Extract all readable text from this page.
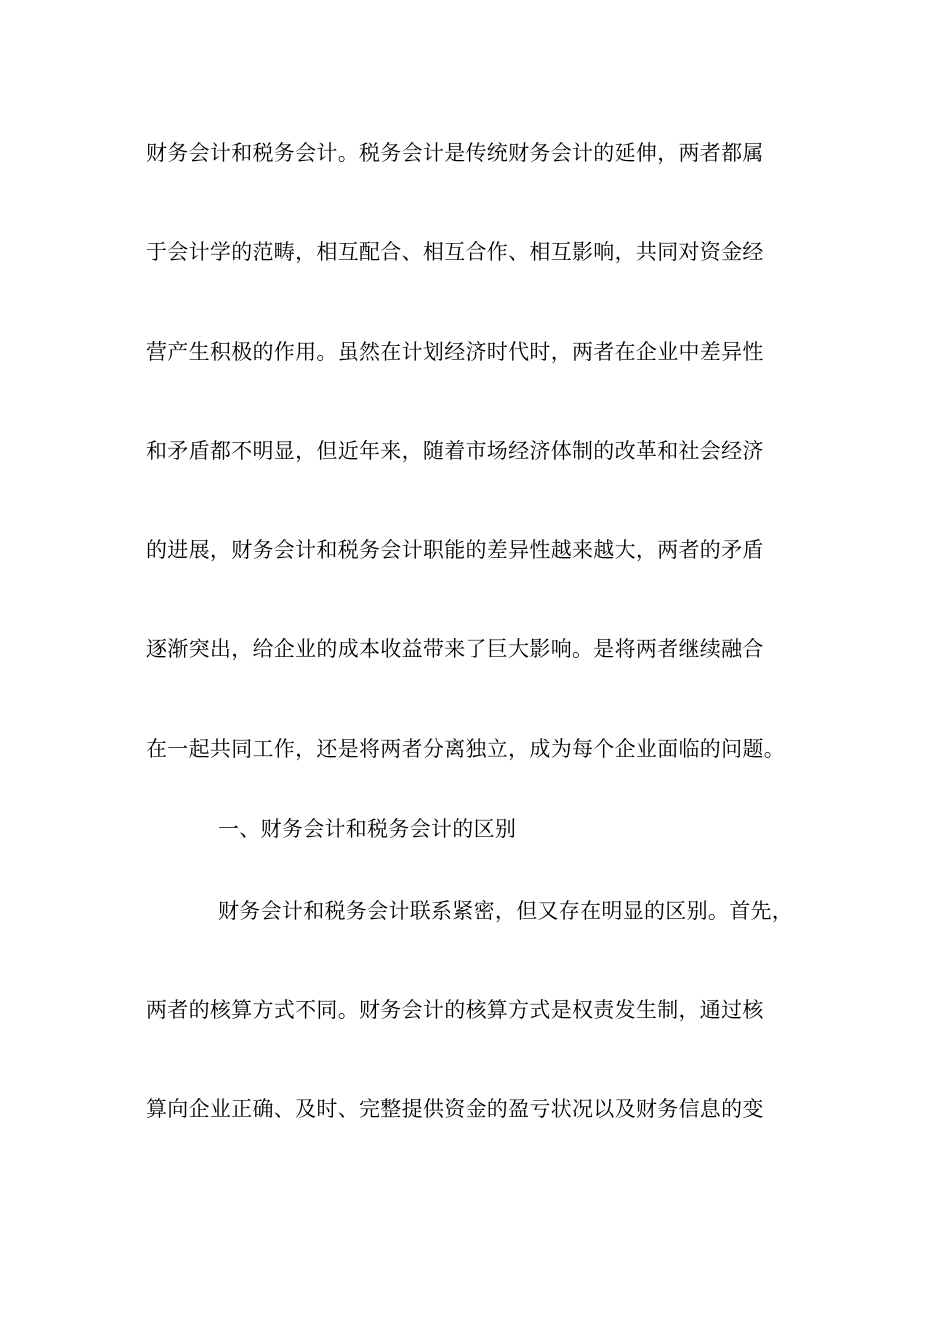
财务会计和税务会计。税务会计是传统财务会计的延伸，两者都属
于会计学的范畴，相互配合、相互合作、相互影响，共同对资金经
营产生积极的作用。虽然在计划经济时代时，两者在企业中差异性
和矛盾都不明显，但近年来，随着市场经济体制的改革和社会经济
的进展，财务会计和税务会计职能的差异性越来越大，两者的矛盾
逐渐突出，给企业的成本收益带来了巨大影响。是将两者继续融合
在一起共同工作，还是将两者分离独立，成为每个企业面临的问题。
一、财务会计和税务会计的区别
财务会计和税务会计联系紧密，但又存在明显的区别。首先，
两者的核算方式不同。财务会计的核算方式是权责发生制，通过核
算向企业正确、及时、完整提供资金的盈亏状况以及财务信息的变
